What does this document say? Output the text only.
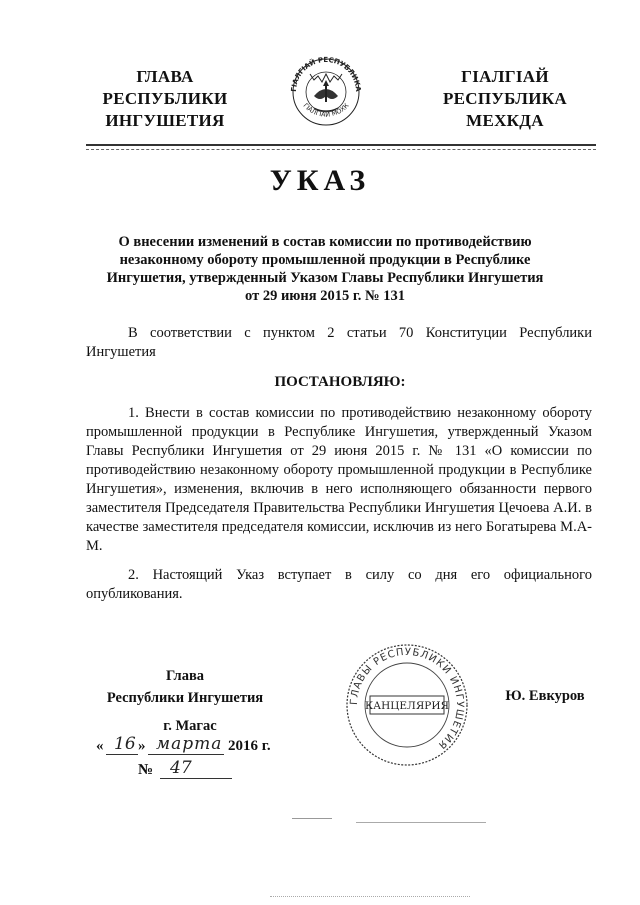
ГЛАВА
РЕСПУБЛИКИ
ИНГУШЕТИЯ
ГIАЛГIАЙ
РЕСПУБЛИКА
МЕХКДА
ГIАЛГIАЙ РЕСПУБЛИКА
ГIАЛГIАЙ МОХК
УКАЗ
О внесении изменений в состав комиссии по противодействию
незаконному обороту промышленной продукции в Республике
Ингушетия, утвержденный Указом Главы Республики Ингушетия
от 29 июня 2015 г. № 131
В соответствии с пунктом 2 статьи 70 Конституции Республики Ингушетия
ПОСТАНОВЛЯЮ:
1. Внести в состав комиссии по противодействию незаконному обороту промышленной продукции в Республике Ингушетия, утвержденный Указом Главы Республики Ингушетия от 29 июня 2015 г. № 131 «О комиссии по противодействию незаконному обороту промышленной продукции в Республике Ингушетия», изменения, включив в него исполняющего обязанности первого заместителя Председателя Правительства Республики Ингушетия Цечоева А.И. в качестве заместителя председателя комиссии, исключив из него Богатырева М.А-М.
2. Настоящий Указ вступает в силу со дня его официального опубликования.
Глава
Республики Ингушетия	Ю. Евкуров
ГЛАВЫ РЕСПУБЛИКИ ИНГУШЕТИЯ
КАНЦЕЛЯРИЯ
г. Магас
« 16 » марта 2016 г.
№ 47
